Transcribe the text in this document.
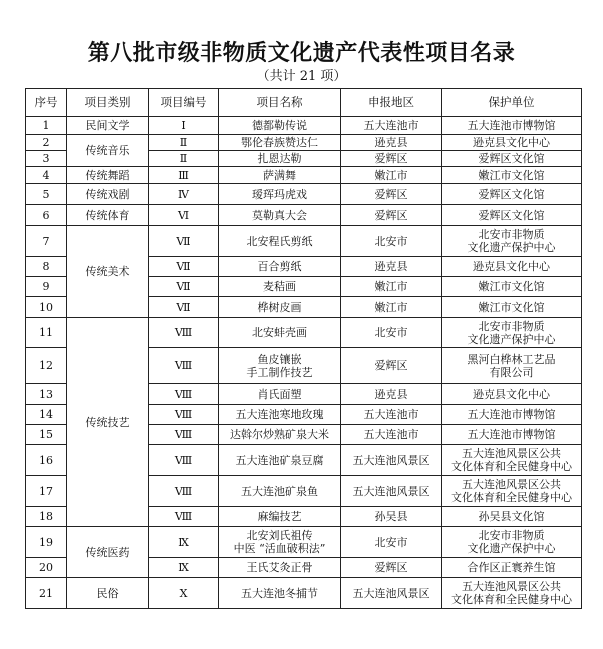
第八批市级非物质文化遗产代表性项目名录
（共计 21 项）
序号	项目类别	项目编号	项目名称	申报地区	保护单位
1	民间文学	Ⅰ	德都勒传说	五大连池市	五大连池市博物馆
2	传统音乐	Ⅱ	鄂伦春族赞达仁	逊克县	逊克县文化中心
3		Ⅱ	扎恩达勒	爱辉区	爱辉区文化馆
4	传统舞蹈	Ⅲ	萨满舞	嫩江市	嫩江市文化馆
5	传统戏剧	Ⅳ	瑷珲玛虎戏	爱辉区	爱辉区文化馆
6	传统体育	Ⅵ	莫勒真大会	爱辉区	爱辉区文化馆
7	传统美术	Ⅶ	北安程氏剪纸	北安市	北安市非物质
文化遗产保护中心
8		Ⅶ	百合剪纸	逊克县	逊克县文化中心
9		Ⅶ	麦秸画	嫩江市	嫩江市文化馆
10		Ⅶ	桦树皮画	嫩江市	嫩江市文化馆
11	传统技艺	Ⅷ	北安蚌壳画	北安市	北安市非物质
文化遗产保护中心
12		Ⅷ	鱼皮镶嵌
手工制作技艺	爱辉区	黑河白桦林工艺品
有限公司
13		Ⅷ	肖氏面塑	逊克县	逊克县文化中心
14		Ⅷ	五大连池寒地玫瑰	五大连池市	五大连池市博物馆
15		Ⅷ	达斡尔炒熟矿泉大米	五大连池市	五大连池市博物馆
16		Ⅷ	五大连池矿泉豆腐	五大连池风景区	五大连池风景区公共
文化体育和全民健身中心
17		Ⅷ	五大连池矿泉鱼	五大连池风景区	五大连池风景区公共
文化体育和全民健身中心
18		Ⅷ	麻编技艺	孙吴县	孙吴县文化馆
19	传统医药	Ⅸ	北安刘氏祖传
中医 “活血破积法”	北安市	北安市非物质
文化遗产保护中心
20		Ⅸ	王氏艾灸正骨	爱辉区	合作区正寰养生馆
21	民俗	Ⅹ	五大连池冬捕节	五大连池风景区	五大连池风景区公共
文化体育和全民健身中心
